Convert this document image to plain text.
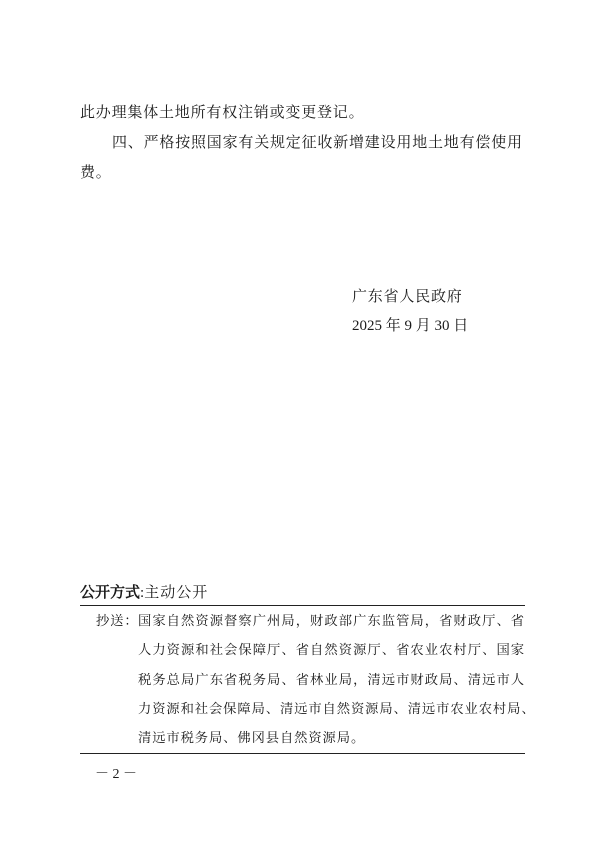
此办理集体土地所有权注销或变更登记。
四、严格按照国家有关规定征收新增建设用地土地有偿使用
费。
广东省人民政府
2025 年 9 月 30 日
公开方式:主动公开
抄送： 国家自然资源督察广州局，财政部广东监管局，省财政厅、省
人力资源和社会保障厅、省自然资源厅、省农业农村厅、国家
税务总局广东省税务局、省林业局，清远市财政局、清远市人
力资源和社会保障局、清远市自然资源局、清远市农业农村局、
清远市税务局、佛冈县自然资源局。
－ 2 －
